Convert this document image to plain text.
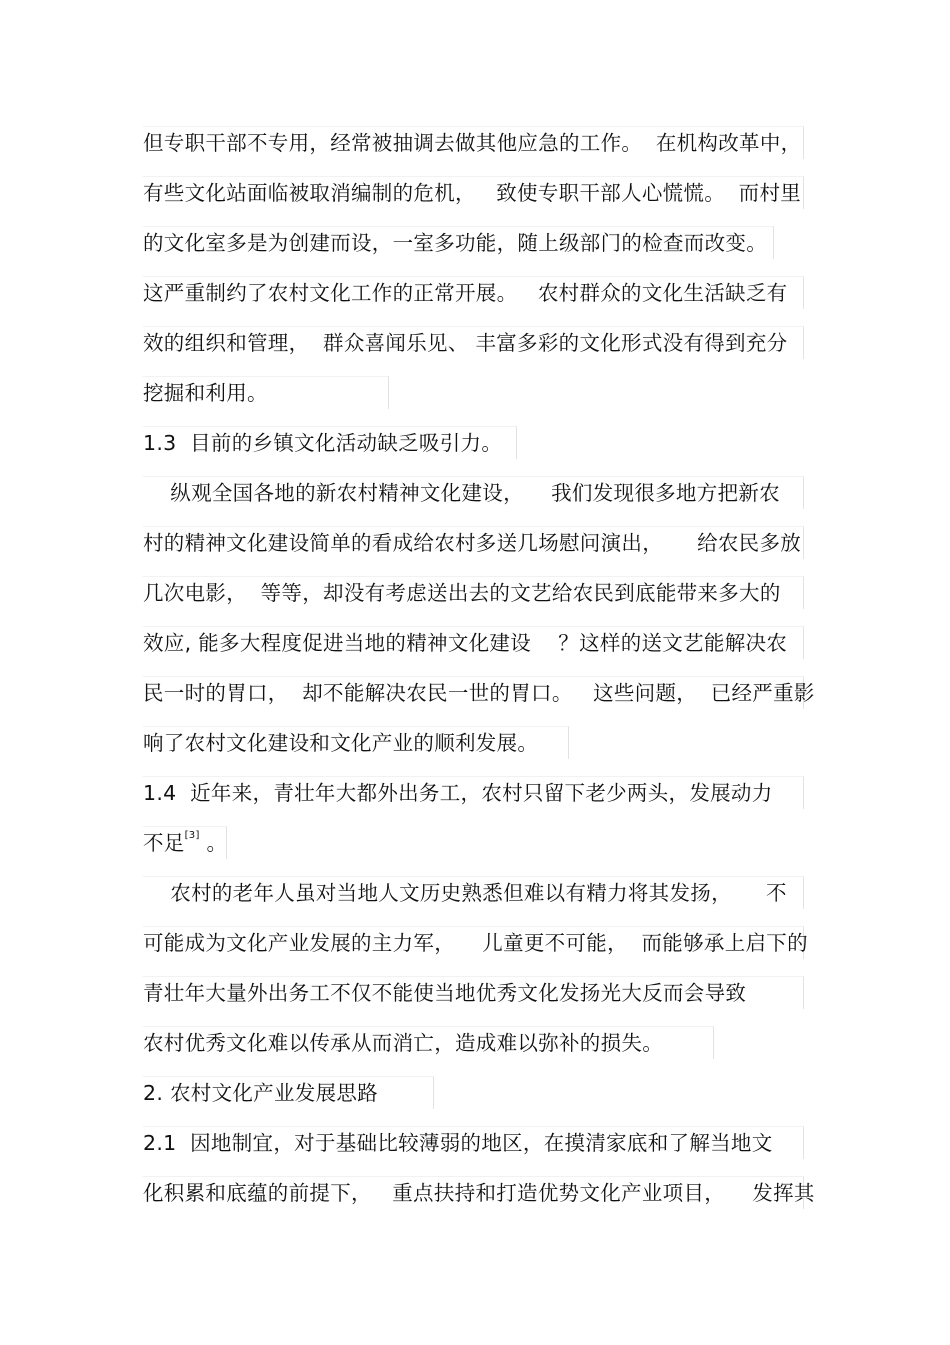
但专职干部不专用，经常被抽调去做其他应急的工作。  在机构改革中，
有些文化站面临被取消编制的危机，   致使专职干部人心慌慌。  而村里
的文化室多是为创建而设，一室多功能，随上级部门的检查而改变。
这严重制约了农村文化工作的正常开展。   农村群众的文化生活缺乏有
效的组织和管理，  群众喜闻乐见、 丰富多彩的文化形式没有得到充分
挖掘和利用。
1.3  目前的乡镇文化活动缺乏吸引力。
纵观全国各地的新农村精神文化建设，    我们发现很多地方把新农
村的精神文化建设简单的看成给农村多送几场慰问演出，     给农民多放
几次电影，  等等，却没有考虑送出去的文艺给农民到底能带来多大的
效应, 能多大程度促进当地的精神文化建设    ？这样的送文艺能解决农
民一时的胃口，  却不能解决农民一世的胃口。   这些问题，  已经严重影
响了农村文化建设和文化产业的顺利发展。
1.4  近年来，青壮年大都外出务工，农村只留下老少两头，发展动力
不足[3] 。
农村的老年人虽对当地人文历史熟悉但难以有精力将其发扬，     不
可能成为文化产业发展的主力军，    儿童更不可能，  而能够承上启下的
青壮年大量外出务工不仅不能使当地优秀文化发扬光大反而会导致
农村优秀文化难以传承从而消亡，造成难以弥补的损失。
2. 农村文化产业发展思路
2.1  因地制宜，对于基础比较薄弱的地区，在摸清家底和了解当地文
化积累和底蕴的前提下，   重点扶持和打造优势文化产业项目，    发挥其
